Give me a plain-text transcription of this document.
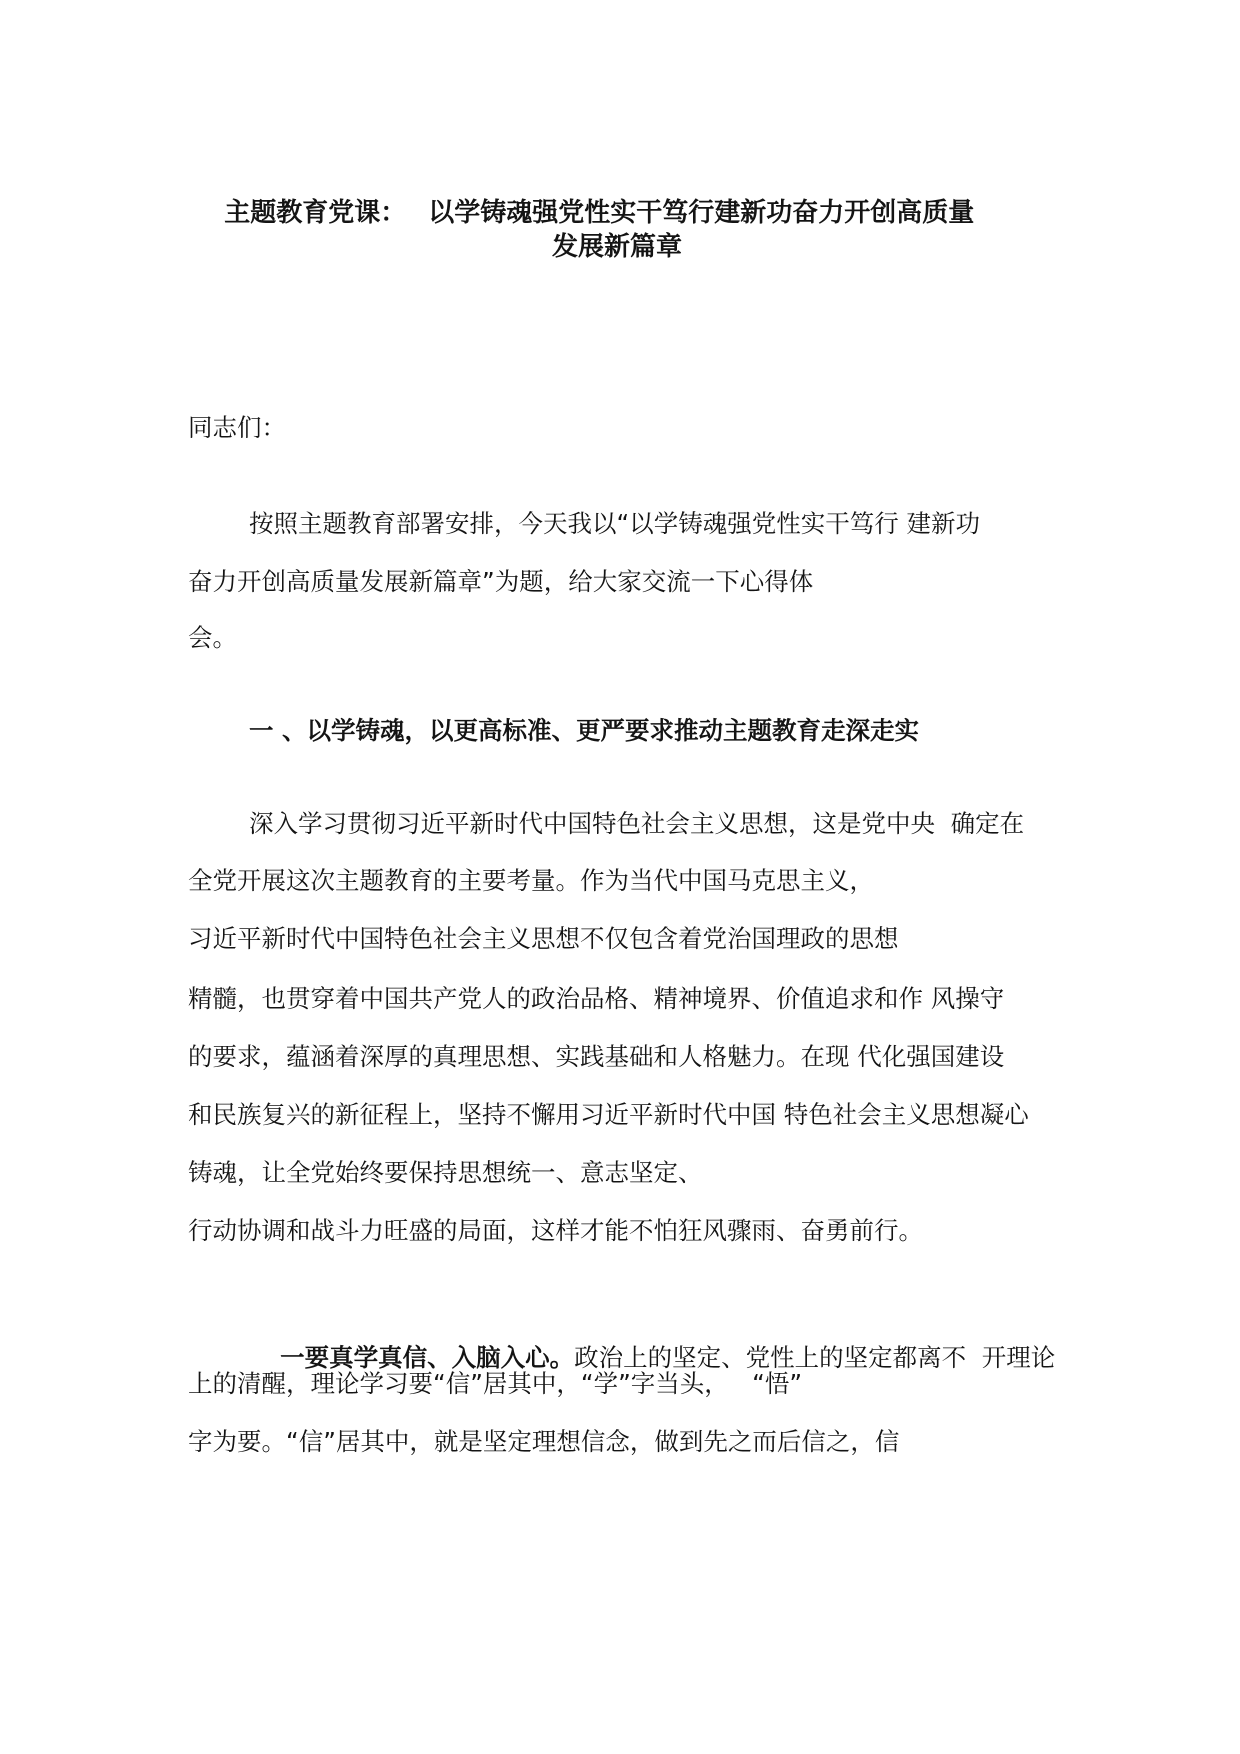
主题教育党课： 以学铸魂强党性实干笃行建新功奋力开创高质量

发展新篇章
同志们：
按照主题教育部署安排，今天我以“以学铸魂强党性实干笃行 建新功
奋力开创高质量发展新篇章”为题，给大家交流一下心得体
会。
一 、以学铸魂，以更高标准、更严要求推动主题教育走深走实
深入学习贯彻习近平新时代中国特色社会主义思想，这是党中央  确定在
全党开展这次主题教育的主要考量。作为当代中国马克思主义，
习近平新时代中国特色社会主义思想不仅包含着党治国理政的思想
精髓，也贯穿着中国共产党人的政治品格、精神境界、价值追求和作 风操守
的要求，蕴涵着深厚的真理思想、实践基础和人格魅力。在现 代化强国建设
和民族复兴的新征程上，坚持不懈用习近平新时代中国 特色社会主义思想凝心
铸魂，让全党始终要保持思想统一、意志坚定、
行动协调和战斗力旺盛的局面，这样才能不怕狂风骤雨、奋勇前行。

一要真学真信、入脑入心。政治上的坚定、党性上的坚定都离不  开理论

上的清醒，理论学习要“信”居其中，“学”字当头，   “悟”
字为要。“信”居其中，就是坚定理想信念，做到先之而后信之，信
